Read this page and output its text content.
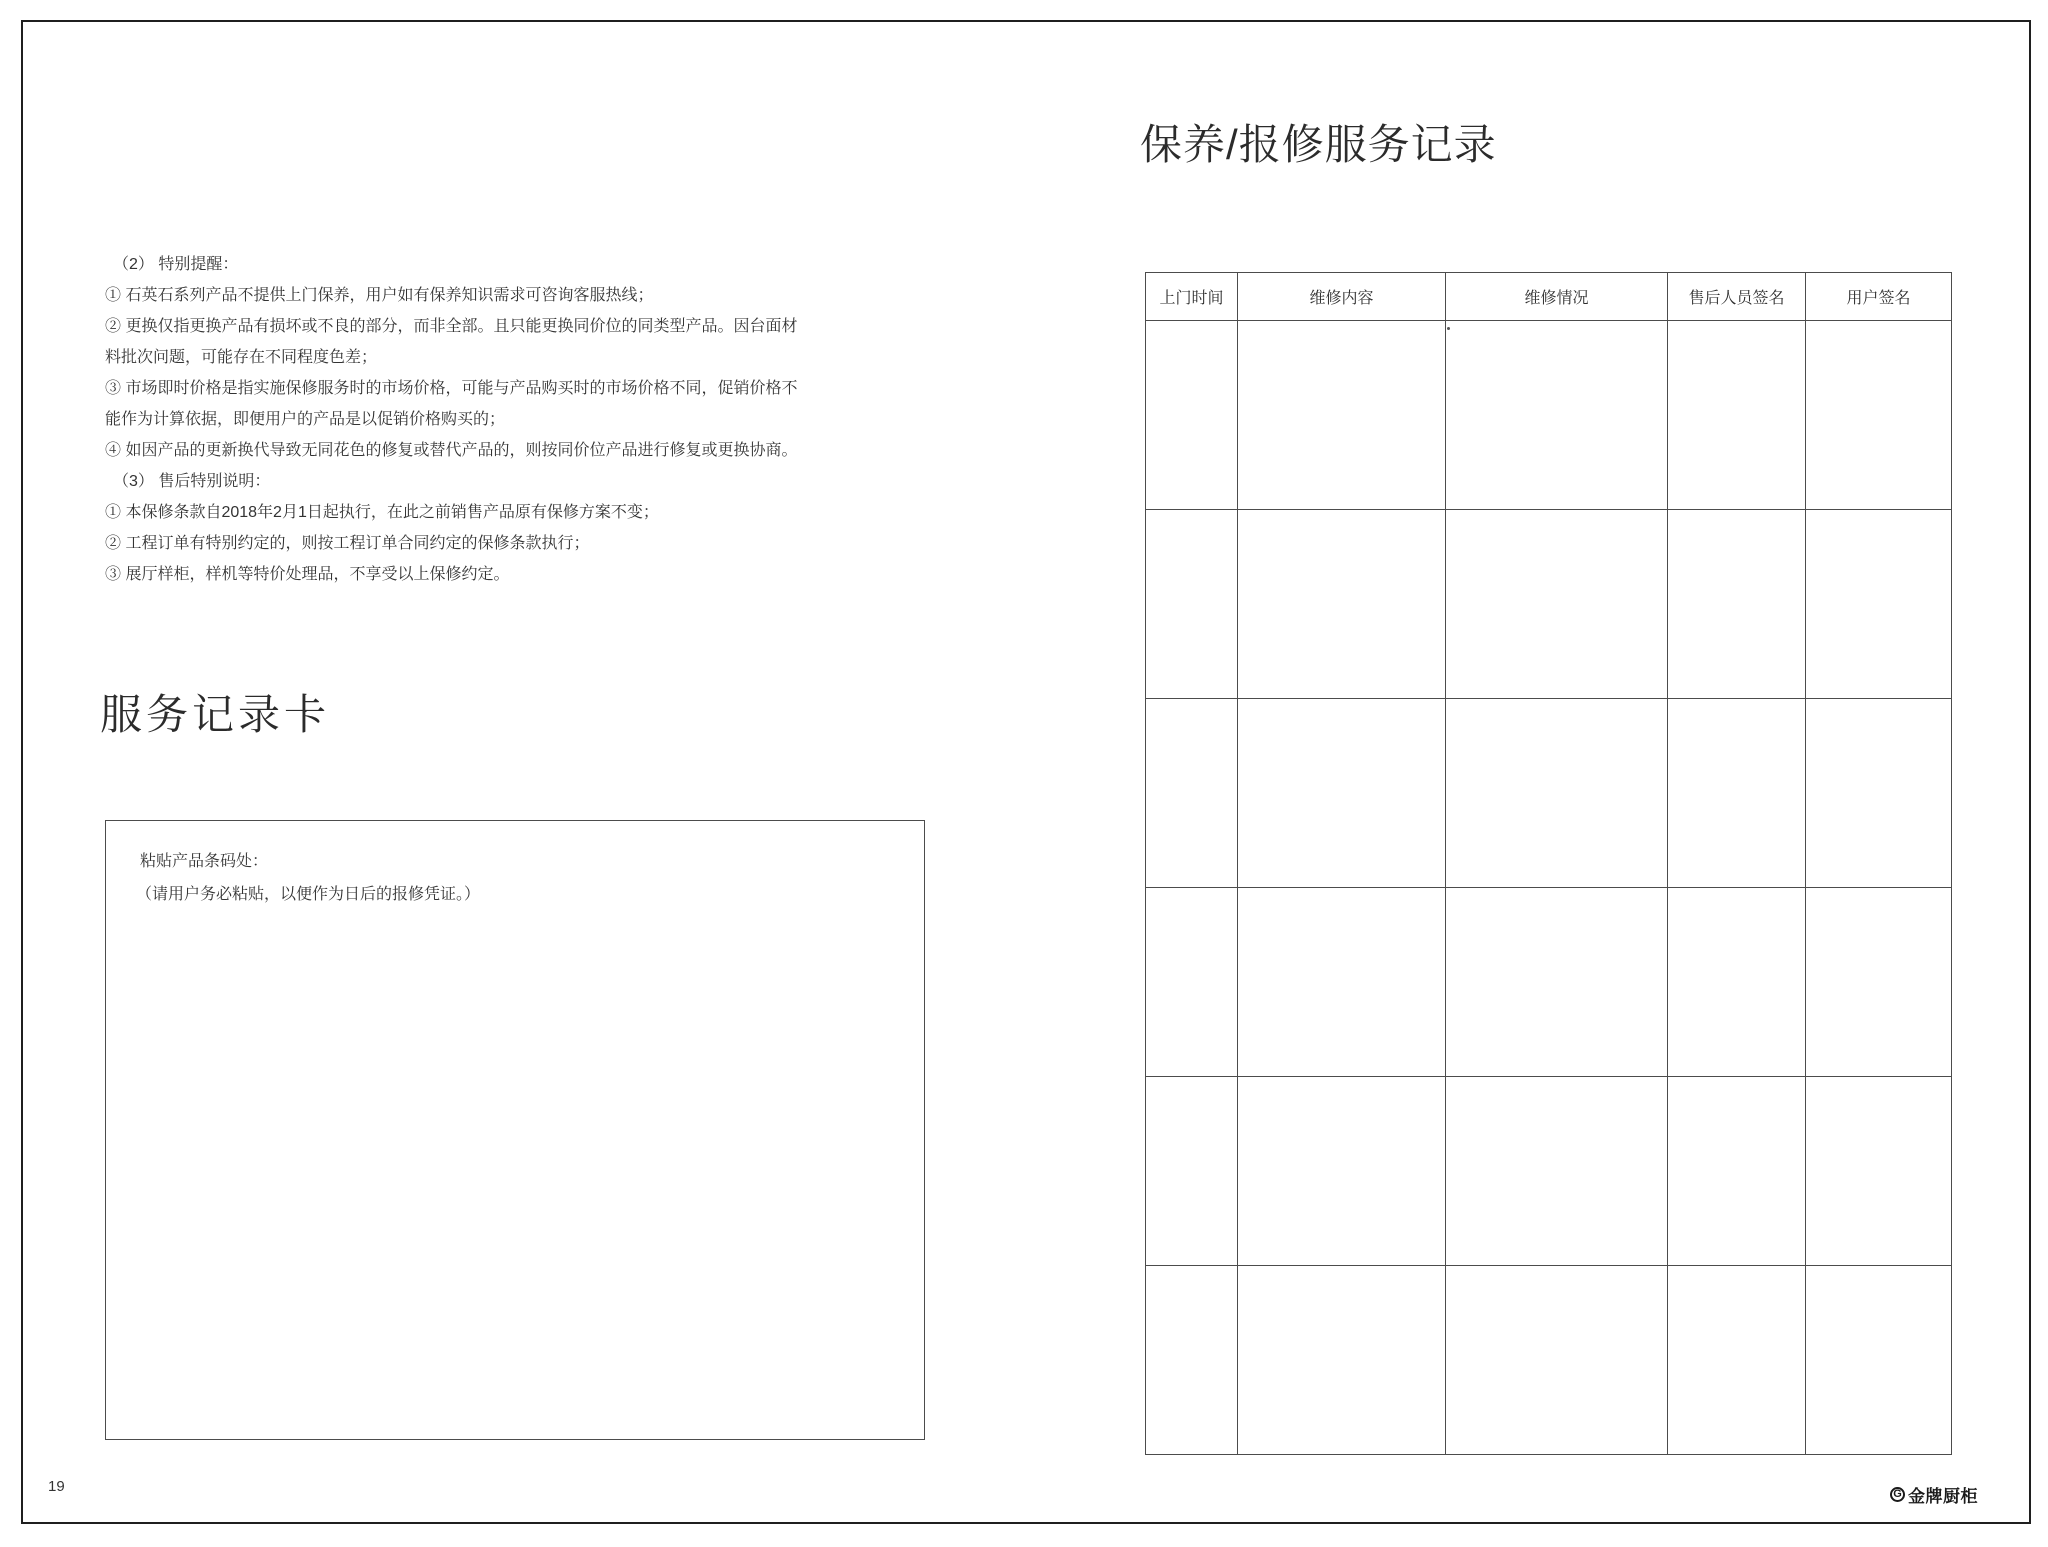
（2） 特别提醒：

① 石英石系列产品不提供上门保养，用户如有保养知识需求可咨询客服热线；

② 更换仅指更换产品有损坏或不良的部分，而非全部。且只能更换同价位的同类型产品。因台面材料批次问题，可能存在不同程度色差；

③ 市场即时价格是指实施保修服务时的市场价格，可能与产品购买时的市场价格不同，促销价格不能作为计算依据，即便用户的产品是以促销价格购买的；

④ 如因产品的更新换代导致无同花色的修复或替代产品的，则按同价位产品进行修复或更换协商。

（3） 售后特别说明：

① 本保修条款自2018年2月1日起执行，在此之前销售产品原有保修方案不变；

② 工程订单有特别约定的，则按工程订单合同约定的保修条款执行；

③ 展厅样柜，样机等特价处理品，不享受以上保修约定。

服务记录卡

粘贴产品条码处：

（请用户务必粘贴，以便作为日后的报修凭证。）

保养/报修服务记录
上门时间	维修内容	维修情况	售后人员签名	用户签名

19	G 金牌厨柜
